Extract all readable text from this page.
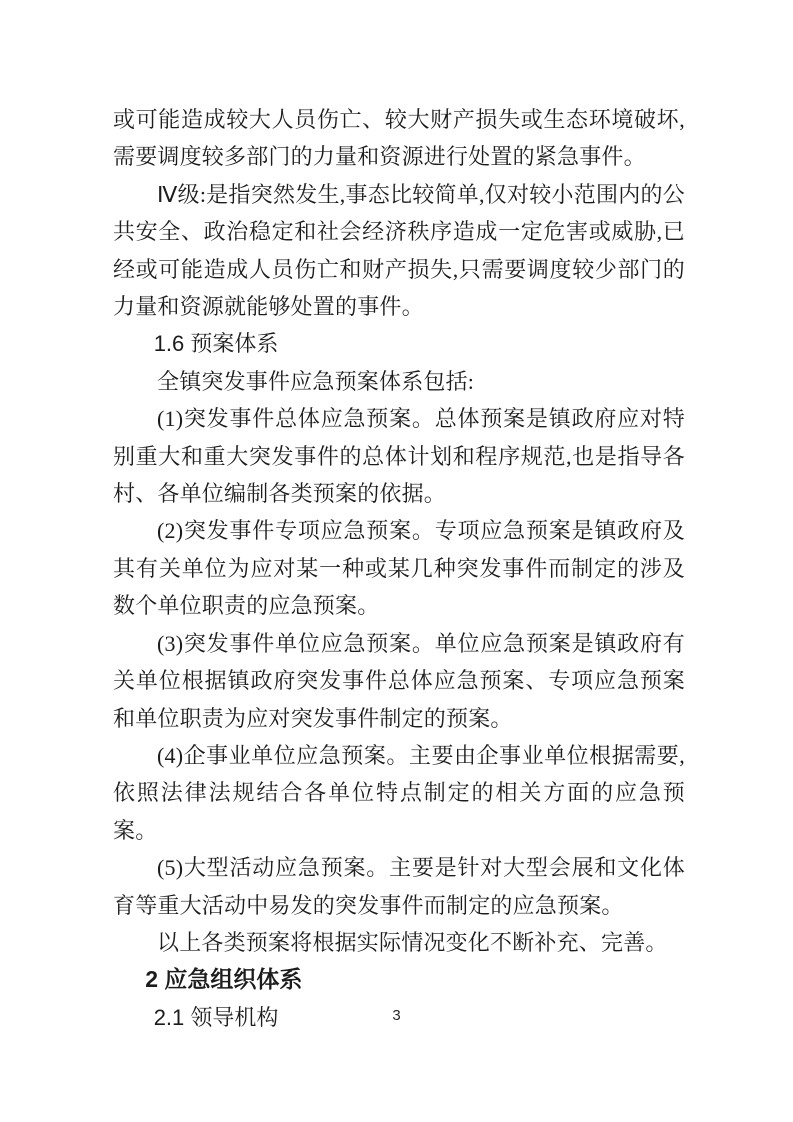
或可能造成较大人员伤亡、较大财产损失或生态环境破坏,需要调度较多部门的力量和资源进行处置的紧急事件。

Ⅳ级:是指突然发生,事态比较简单,仅对较小范围内的公共安全、政治稳定和社会经济秩序造成一定危害或威胁,已经或可能造成人员伤亡和财产损失,只需要调度较少部门的力量和资源就能够处置的事件。

1.6 预案体系

全镇突发事件应急预案体系包括:

(1)突发事件总体应急预案。总体预案是镇政府应对特别重大和重大突发事件的总体计划和程序规范,也是指导各村、各单位编制各类预案的依据。

(2)突发事件专项应急预案。专项应急预案是镇政府及其有关单位为应对某一种或某几种突发事件而制定的涉及数个单位职责的应急预案。

(3)突发事件单位应急预案。单位应急预案是镇政府有关单位根据镇政府突发事件总体应急预案、专项应急预案和单位职责为应对突发事件制定的预案。

(4)企事业单位应急预案。主要由企事业单位根据需要,依照法律法规结合各单位特点制定的相关方面的应急预案。

(5)大型活动应急预案。主要是针对大型会展和文化体育等重大活动中易发的突发事件而制定的应急预案。

以上各类预案将根据实际情况变化不断补充、完善。

2 应急组织体系
2.1 领导机构	3
